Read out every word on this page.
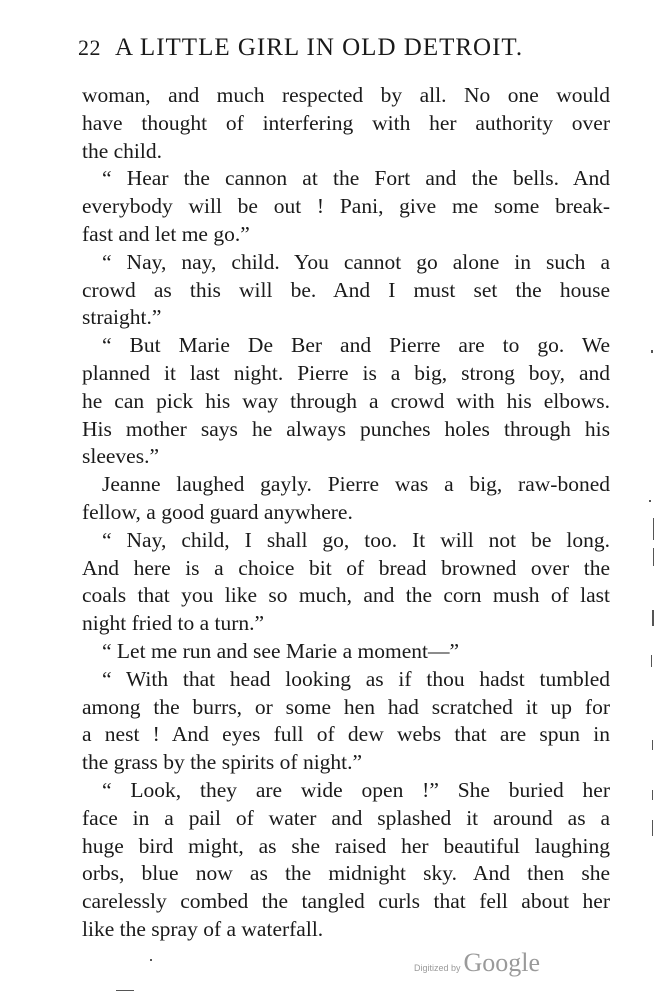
22 A LITTLE GIRL IN OLD DETROIT.
woman, and much respected by all. No one would
have thought of interfering with her authority over
the child.
“ Hear the cannon at the Fort and the bells. And
everybody will be out ! Pani, give me some break-
fast and let me go.”
“ Nay, nay, child. You cannot go alone in such a
crowd as this will be. And I must set the house
straight.”
“ But Marie De Ber and Pierre are to go. We
planned it last night. Pierre is a big, strong boy, and
he can pick his way through a crowd with his elbows.
His mother says he always punches holes through his
sleeves.”
Jeanne laughed gayly. Pierre was a big, raw-boned
fellow, a good guard anywhere.
“ Nay, child, I shall go, too. It will not be long.
And here is a choice bit of bread browned over the
coals that you like so much, and the corn mush of last
night fried to a turn.”
“ Let me run and see Marie a moment—”
“ With that head looking as if thou hadst tumbled
among the burrs, or some hen had scratched it up for
a nest ! And eyes full of dew webs that are spun in
the grass by the spirits of night.”
“ Look, they are wide open !” She buried her
face in a pail of water and splashed it around as a
huge bird might, as she raised her beautiful laughing
orbs, blue now as the midnight sky. And then she
carelessly combed the tangled curls that fell about her
like the spray of a waterfall.
Digitized by Google
